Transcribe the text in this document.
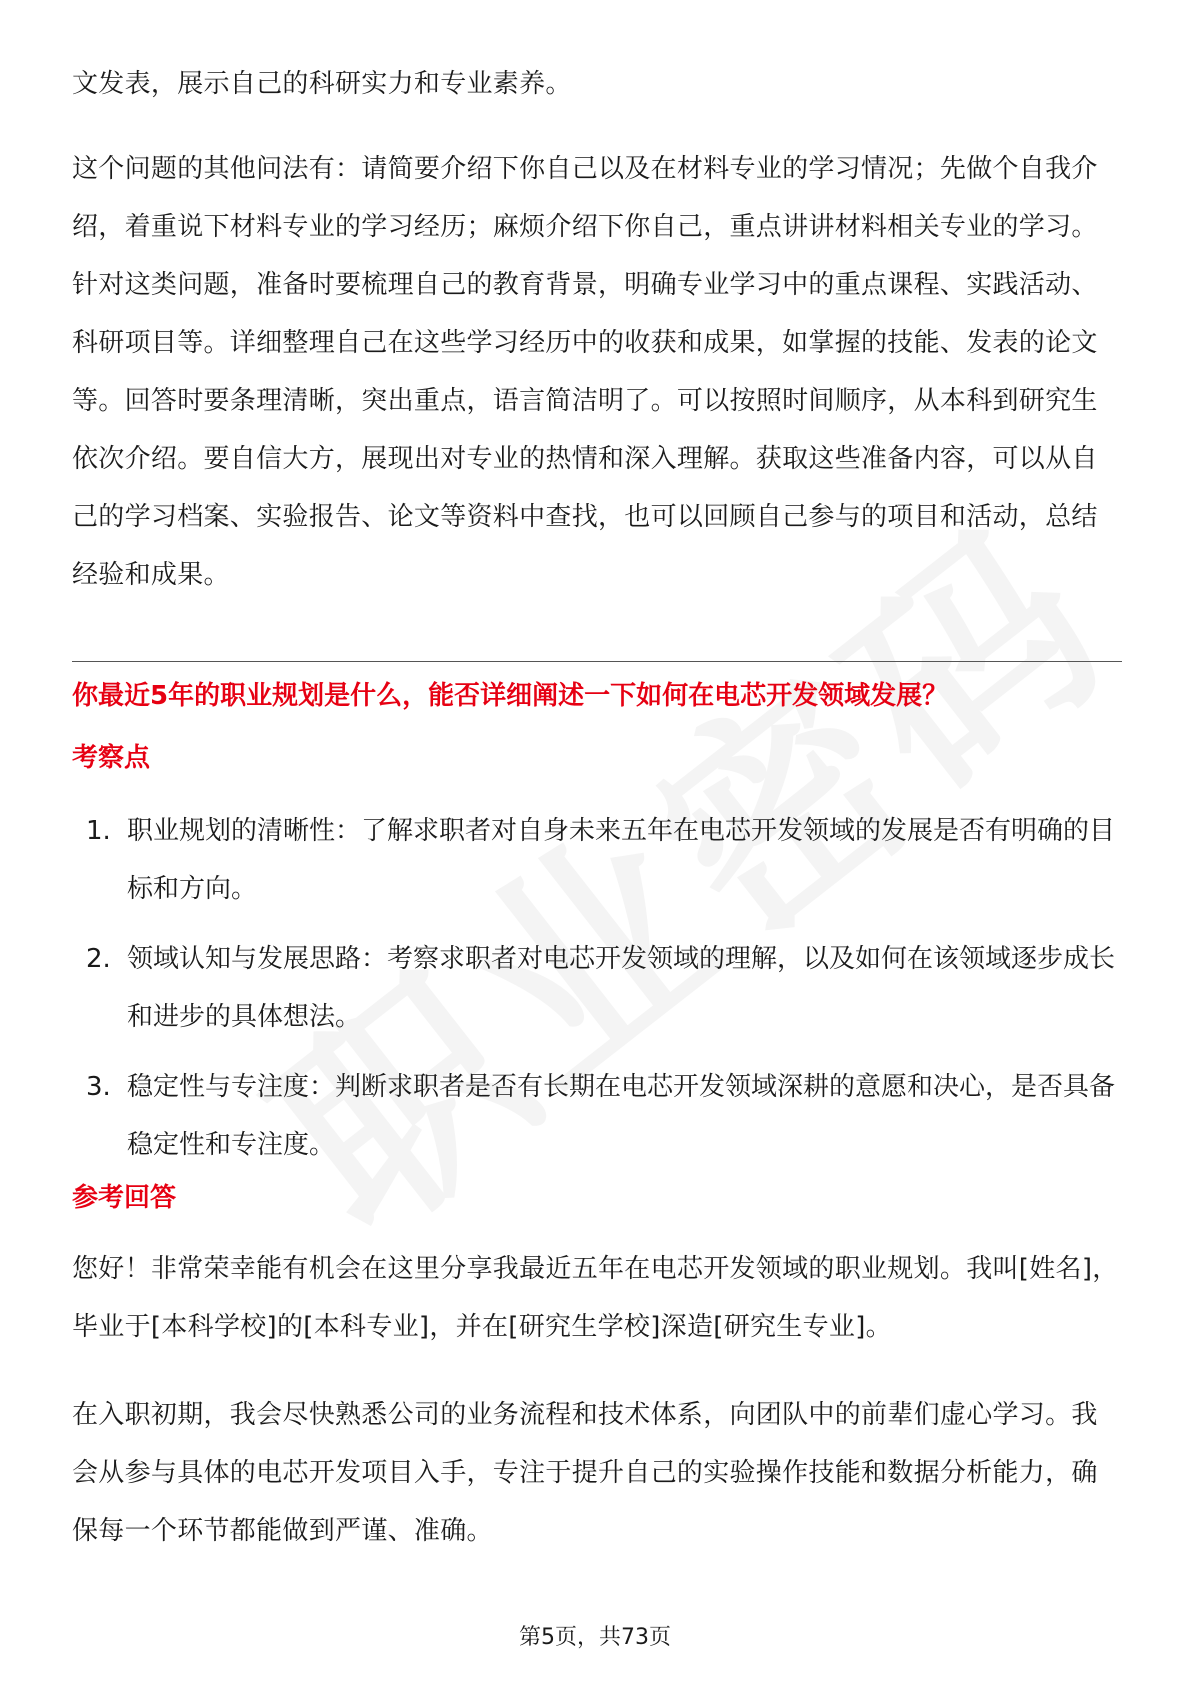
文发表，展示自己的科研实力和专业素养。

这个问题的其他问法有：请简要介绍下你自己以及在材料专业的学习情况；先做个自我介绍，着重说下材料专业的学习经历；麻烦介绍下你自己，重点讲讲材料相关专业的学习。 针对这类问题，准备时要梳理自己的教育背景，明确专业学习中的重点课程、实践活动、科研项目等。详细整理自己在这些学习经历中的收获和成果，如掌握的技能、发表的论文等。回答时要条理清晰，突出重点，语言简洁明了。可以按照时间顺序，从本科到研究生依次介绍。要自信大方，展现出对专业的热情和深入理解。获取这些准备内容，可以从自己的学习档案、实验报告、论文等资料中查找，也可以回顾自己参与的项目和活动，总结经验和成果。

你最近5年的职业规划是什么，能否详细阐述一下如何在电芯开发领域发展？
考察点
1. 职业规划的清晰性：了解求职者对自身未来五年在电芯开发领域的发展是否有明确的目标和方向。
2. 领域认知与发展思路：考察求职者对电芯开发领域的理解，以及如何在该领域逐步成长和进步的具体想法。
3. 稳定性与专注度：判断求职者是否有长期在电芯开发领域深耕的意愿和决心，是否具备稳定性和专注度。
参考回答

您好！非常荣幸能有机会在这里分享我最近五年在电芯开发领域的职业规划。我叫[姓名]，毕业于[本科学校]的[本科专业]，并在[研究生学校]深造[研究生专业]。

在入职初期，我会尽快熟悉公司的业务流程和技术体系，向团队中的前辈们虚心学习。我会从参与具体的电芯开发项目入手，专注于提升自己的实验操作技能和数据分析能力，确保每一个环节都能做到严谨、准确。

第5页，共73页
